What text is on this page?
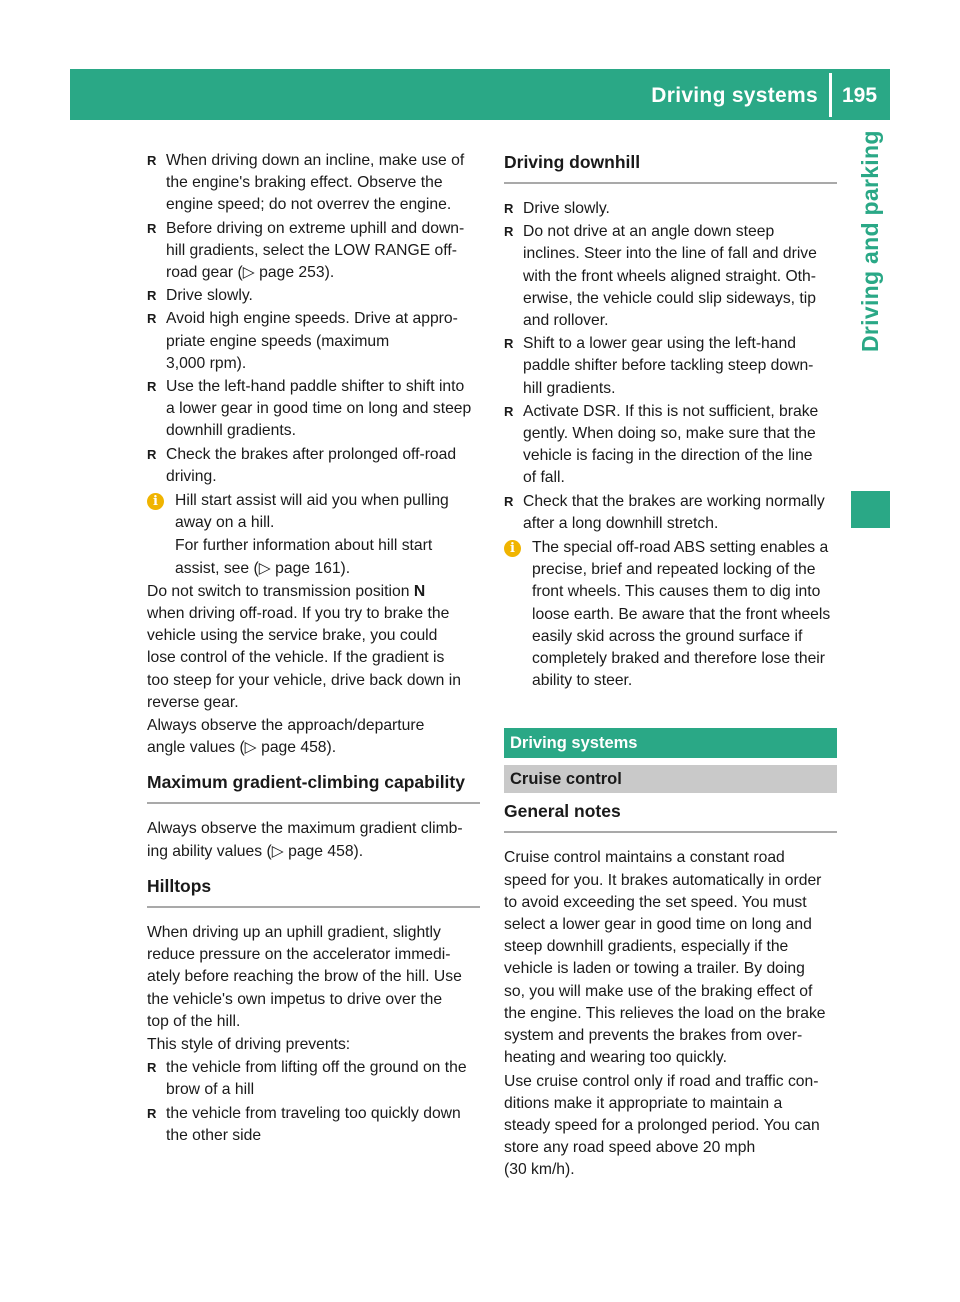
Driving systems 195
Driving and parking
R When driving down an incline, make use of
the engine's braking effect. Observe the
engine speed; do not overrev the engine.
R Before driving on extreme uphill and down-
hill gradients, select the LOW RANGE off-
road gear (▷ page 253).
R Drive slowly.
R Avoid high engine speeds. Drive at appro-
priate engine speeds (maximum
3,000 rpm).
R Use the left-hand paddle shifter to shift into
a lower gear in good time on long and steep
downhill gradients.
R Check the brakes after prolonged off-road
driving.
i	Hill start assist will aid you when pulling
away on a hill.
For further information about hill start
assist, see (▷ page 161).
Do not switch to transmission position N
when driving off-road. If you try to brake the
vehicle using the service brake, you could
lose control of the vehicle. If the gradient is
too steep for your vehicle, drive back down in
reverse gear.
Always observe the approach/departure
angle values (▷ page 458).
Maximum gradient-climbing capability
Always observe the maximum gradient climb-
ing ability values (▷ page 458).
Hilltops
When driving up an uphill gradient, slightly
reduce pressure on the accelerator immedi-
ately before reaching the brow of the hill. Use
the vehicle's own impetus to drive over the
top of the hill.
This style of driving prevents:
R the vehicle from lifting off the ground on the
brow of a hill
R the vehicle from traveling too quickly down
the other side
Driving downhill
R Drive slowly.
R Do not drive at an angle down steep
inclines. Steer into the line of fall and drive
with the front wheels aligned straight. Oth-
erwise, the vehicle could slip sideways, tip
and rollover.
R Shift to a lower gear using the left-hand
paddle shifter before tackling steep down-
hill gradients.
R Activate DSR. If this is not sufficient, brake
gently. When doing so, make sure that the
vehicle is facing in the direction of the line
of fall.
R Check that the brakes are working normally
after a long downhill stretch.
i	The special off-road ABS setting enables a
precise, brief and repeated locking of the
front wheels. This causes them to dig into
loose earth. Be aware that the front wheels
easily skid across the ground surface if
completely braked and therefore lose their
ability to steer.
Driving systems
Cruise control
General notes
Cruise control maintains a constant road
speed for you. It brakes automatically in order
to avoid exceeding the set speed. You must
select a lower gear in good time on long and
steep downhill gradients, especially if the
vehicle is laden or towing a trailer. By doing
so, you will make use of the braking effect of
the engine. This relieves the load on the brake
system and prevents the brakes from over-
heating and wearing too quickly.
Use cruise control only if road and traffic con-
ditions make it appropriate to maintain a
steady speed for a prolonged period. You can
store any road speed above 20 mph
(30 km/h).
